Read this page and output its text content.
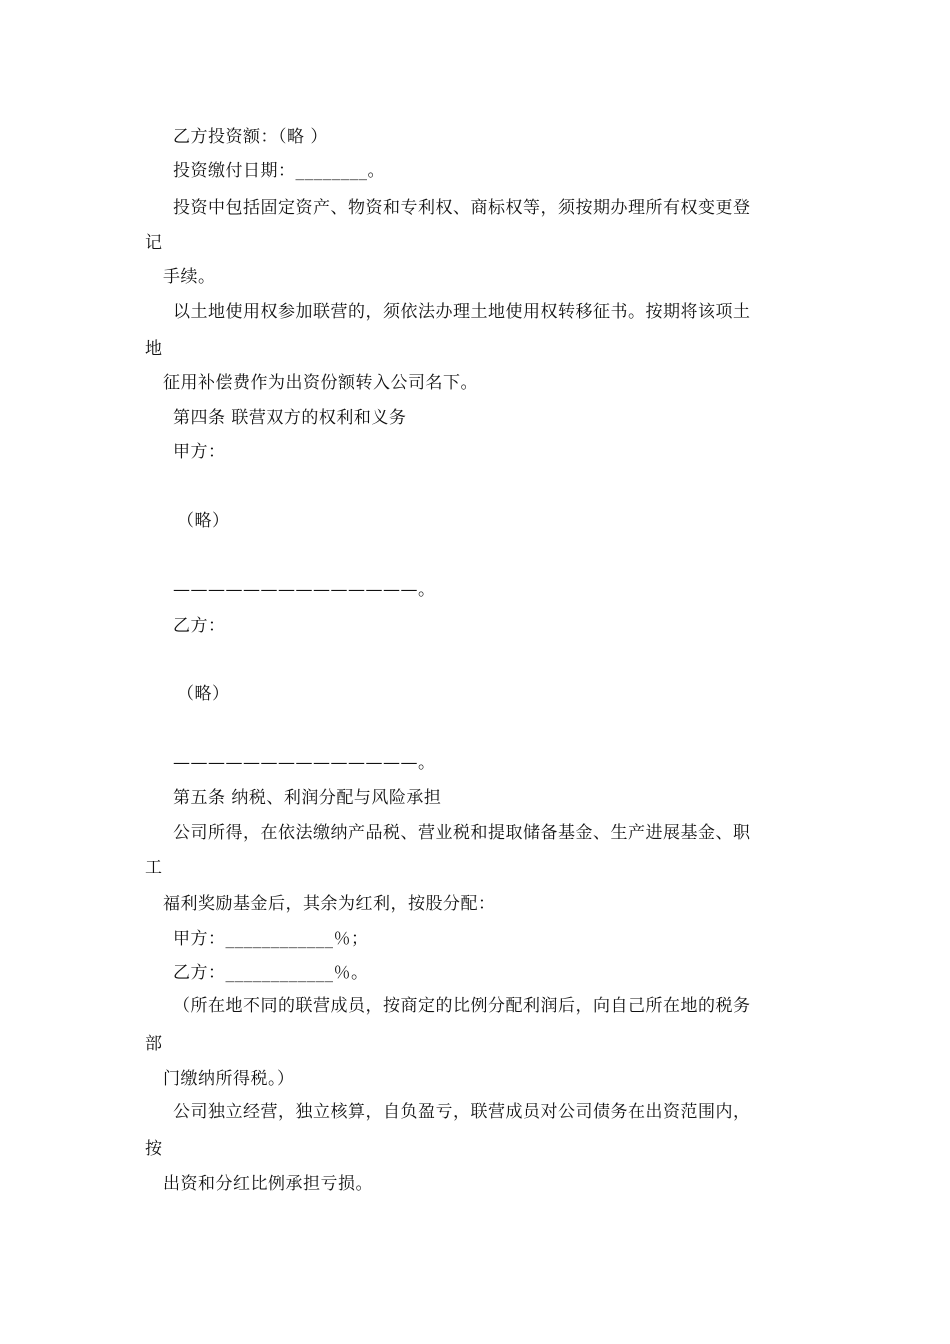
乙方投资额：（略 ）
投资缴付日期：________。
投资中包括固定资产、物资和专利权、商标权等，须按期办理所有权变更登
记
手续。
以土地使用权参加联营的，须依法办理土地使用权转移征书。按期将该项土
地
征用补偿费作为出资份额转入公司名下。
第四条 联营双方的权利和义务
甲方：
（略）
——————————————。
乙方：
（略）
——————————————。
第五条 纳税、利润分配与风险承担
公司所得，在依法缴纳产品税、营业税和提取储备基金、生产进展基金、职
工
福利奖励基金后，其余为红利，按股分配：
甲方：____________％；
乙方：____________％。
（所在地不同的联营成员，按商定的比例分配利润后，向自己所在地的税务
部
门缴纳所得税。）
公司独立经营，独立核算，自负盈亏，联营成员对公司债务在出资范围内，
按
出资和分红比例承担亏损。
